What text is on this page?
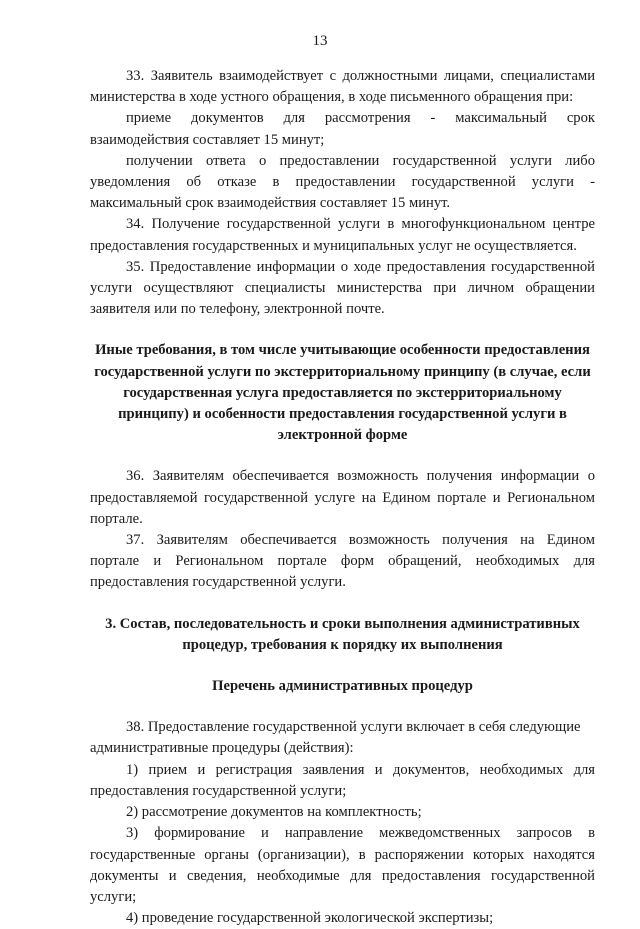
13

33. Заявитель взаимодействует с должностными лицами, специалистами министерства в ходе устного обращения, в ходе письменного обращения при:

приеме документов для рассмотрения - максимальный срок взаимодействия составляет 15 минут;

получении ответа о предоставлении государственной услуги либо уведомления об отказе в предоставлении государственной услуги - максимальный срок взаимодействия составляет 15 минут.

34. Получение государственной услуги в многофункциональном центре предоставления государственных и муниципальных услуг не осуществляется.

35. Предоставление информации о ходе предоставления государственной услуги осуществляют специалисты министерства при личном обращении заявителя или по телефону, электронной почте.

Иные требования, в том числе учитывающие особенности предоставления государственной услуги по экстерриториальному принципу (в случае, если государственная услуга предоставляется по экстерриториальному принципу) и особенности предоставления государственной услуги в электронной форме

36. Заявителям обеспечивается возможность получения информации о предоставляемой государственной услуге на Едином портале и Региональном портале.

37. Заявителям обеспечивается возможность получения на Едином портале и Региональном портале форм обращений, необходимых для предоставления государственной услуги.

3. Состав, последовательность и сроки выполнения административных процедур, требования к порядку их выполнения

Перечень административных процедур

38. Предоставление государственной услуги включает в себя следующие административные процедуры (действия):

1) прием и регистрация заявления и документов, необходимых для предоставления государственной услуги;

2) рассмотрение документов на комплектность;

3) формирование и направление межведомственных запросов в государственные органы (организации), в распоряжении которых находятся документы и сведения, необходимые для предоставления государственной услуги;

4) проведение государственной экологической экспертизы;
